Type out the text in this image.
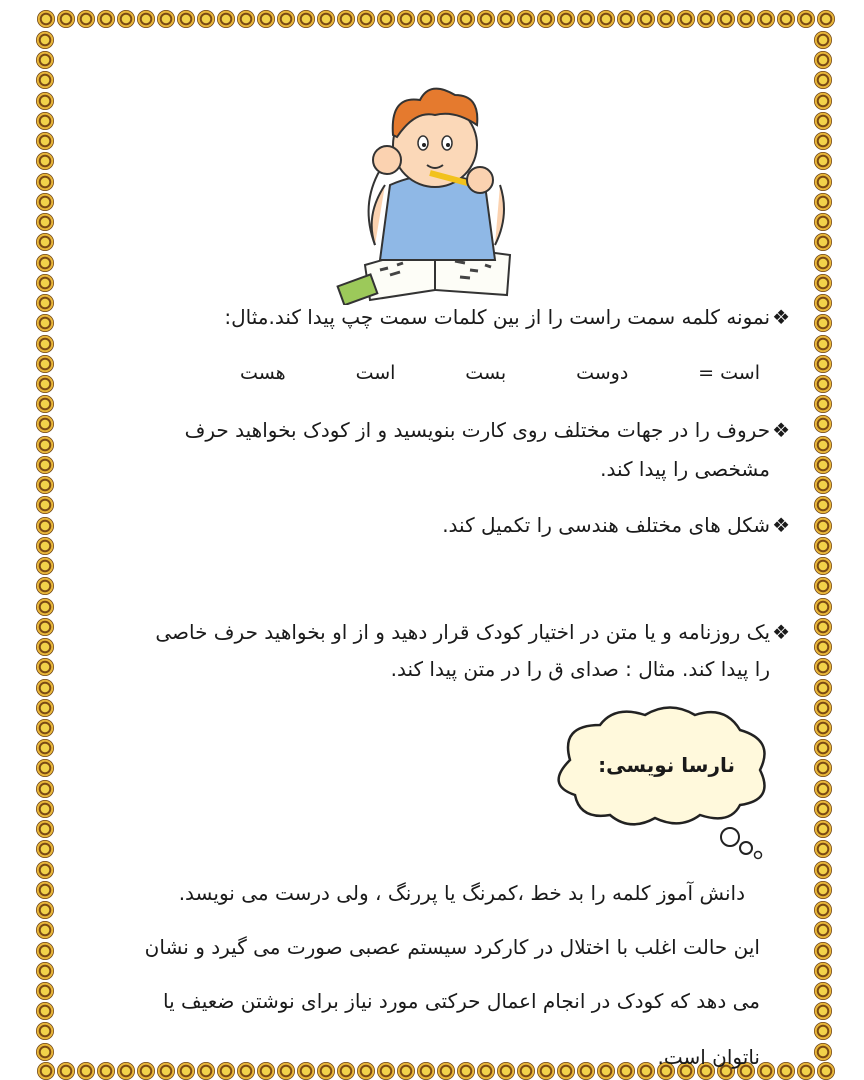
❖نمونه کلمه سمت راست را از بین کلمات سمت چپ پیدا کند.مثال:
است =
دوست
بست
است
هست
❖حروف را در جهات مختلف روی کارت بنویسید و از کودک بخواهید حرف
مشخصی را پیدا کند.
❖شکل های مختلف هندسی را تکمیل کند.
❖یک روزنامه و یا متن در اختیار کودک قرار دهید و از او بخواهید حرف خاصی
را پیدا کند. مثال : صدای ق را در متن پیدا کند.
نارسا نویسی:
دانش آموز کلمه را بد خط ،کمرنگ یا پررنگ ، ولی درست می نویسد.
این حالت اغلب با اختلال در کارکرد سیستم عصبی صورت می گیرد و نشان
می دهد که کودک در انجام اعمال حرکتی مورد نیاز برای نوشتن ضعیف یا
ناتوان است.
